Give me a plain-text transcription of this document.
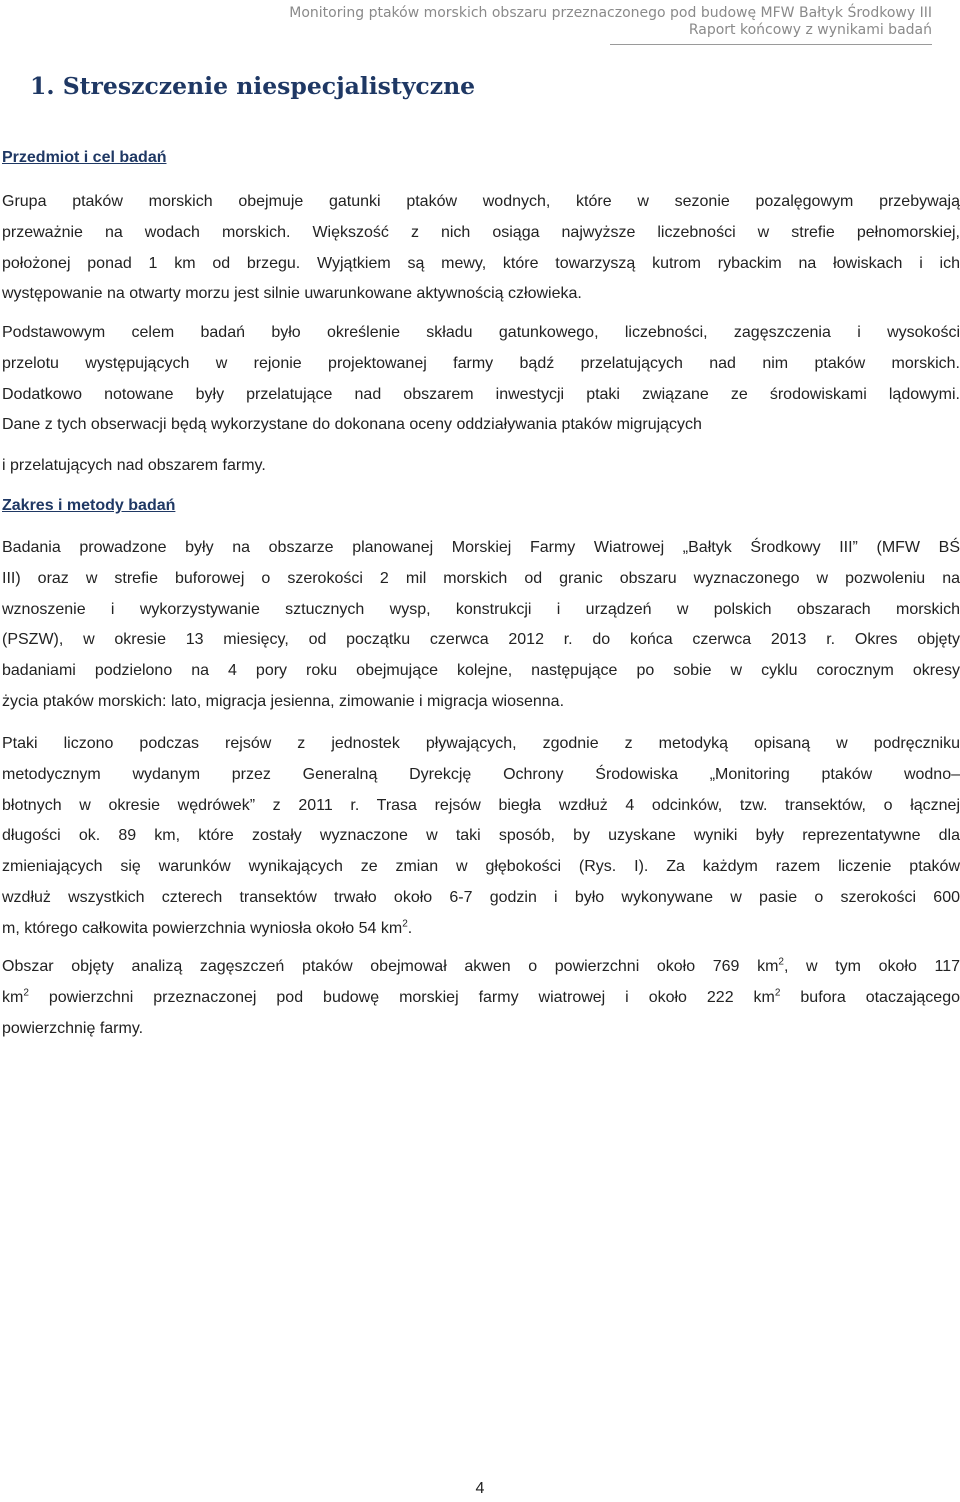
Monitoring ptaków morskich obszaru przeznaczonego pod budowę MFW Bałtyk Środkowy III
Raport końcowy z wynikami badań
1. Streszczenie niespecjalistyczne
Przedmiot i cel badań

Grupa ptaków morskich obejmuje gatunki ptaków wodnych, które w sezonie pozalęgowym przebywają
przeważnie na wodach morskich. Większość z nich osiąga najwyższe liczebności w strefie pełnomorskiej,
położonej ponad 1 km od brzegu. Wyjątkiem są mewy, które towarzyszą kutrom rybackim na łowiskach i ich
występowanie na otwarty morzu jest silnie uwarunkowane aktywnością człowieka.

Podstawowym celem badań było określenie składu gatunkowego, liczebności, zagęszczenia i wysokości
przelotu występujących w rejonie projektowanej farmy bądź przelatujących nad nim ptaków morskich.
Dodatkowo notowane były przelatujące nad obszarem inwestycji ptaki związane ze środowiskami lądowymi.
Dane z tych obserwacji będą wykorzystane do dokonana oceny oddziaływania ptaków migrujących

i przelatujących nad obszarem farmy.

Zakres i metody badań

Badania prowadzone były na obszarze planowanej Morskiej Farmy Wiatrowej „Bałtyk Środkowy III” (MFW BŚ
III) oraz w strefie buforowej o szerokości 2 mil morskich od granic obszaru wyznaczonego w pozwoleniu na
wznoszenie i wykorzystywanie sztucznych wysp, konstrukcji i urządzeń w polskich obszarach morskich
(PSZW), w okresie 13 miesięcy, od początku czerwca 2012 r. do końca czerwca 2013 r. Okres objęty
badaniami podzielono na 4 pory roku obejmujące kolejne, następujące po sobie w cyklu corocznym okresy
życia ptaków morskich: lato, migracja jesienna, zimowanie i migracja wiosenna.

Ptaki liczono podczas rejsów z jednostek pływających, zgodnie z metodyką opisaną w podręczniku
metodycznym wydanym przez Generalną Dyrekcję Ochrony Środowiska „Monitoring ptaków wodno–
błotnych w okresie wędrówek” z 2011 r. Trasa rejsów biegła wzdłuż 4 odcinków, tzw. transektów, o łącznej
długości ok. 89 km, które zostały wyznaczone w taki sposób, by uzyskane wyniki były reprezentatywne dla
zmieniających się warunków wynikających ze zmian w głębokości (Rys. I). Za każdym razem liczenie ptaków
wzdłuż wszystkich czterech transektów trwało około 6-7 godzin i było wykonywane w pasie o szerokości 600
m, którego całkowita powierzchnia wyniosła około 54 $km^2$.

Obszar objęty analizą zagęszczeń ptaków obejmował akwen o powierzchni około 769 $km^2$, w tym około 117
$km^2$ powierzchni przeznaczonej pod budowę morskiej farmy wiatrowej i około 222 $km^2$ bufora otaczającego
powierzchnię farmy.

4
